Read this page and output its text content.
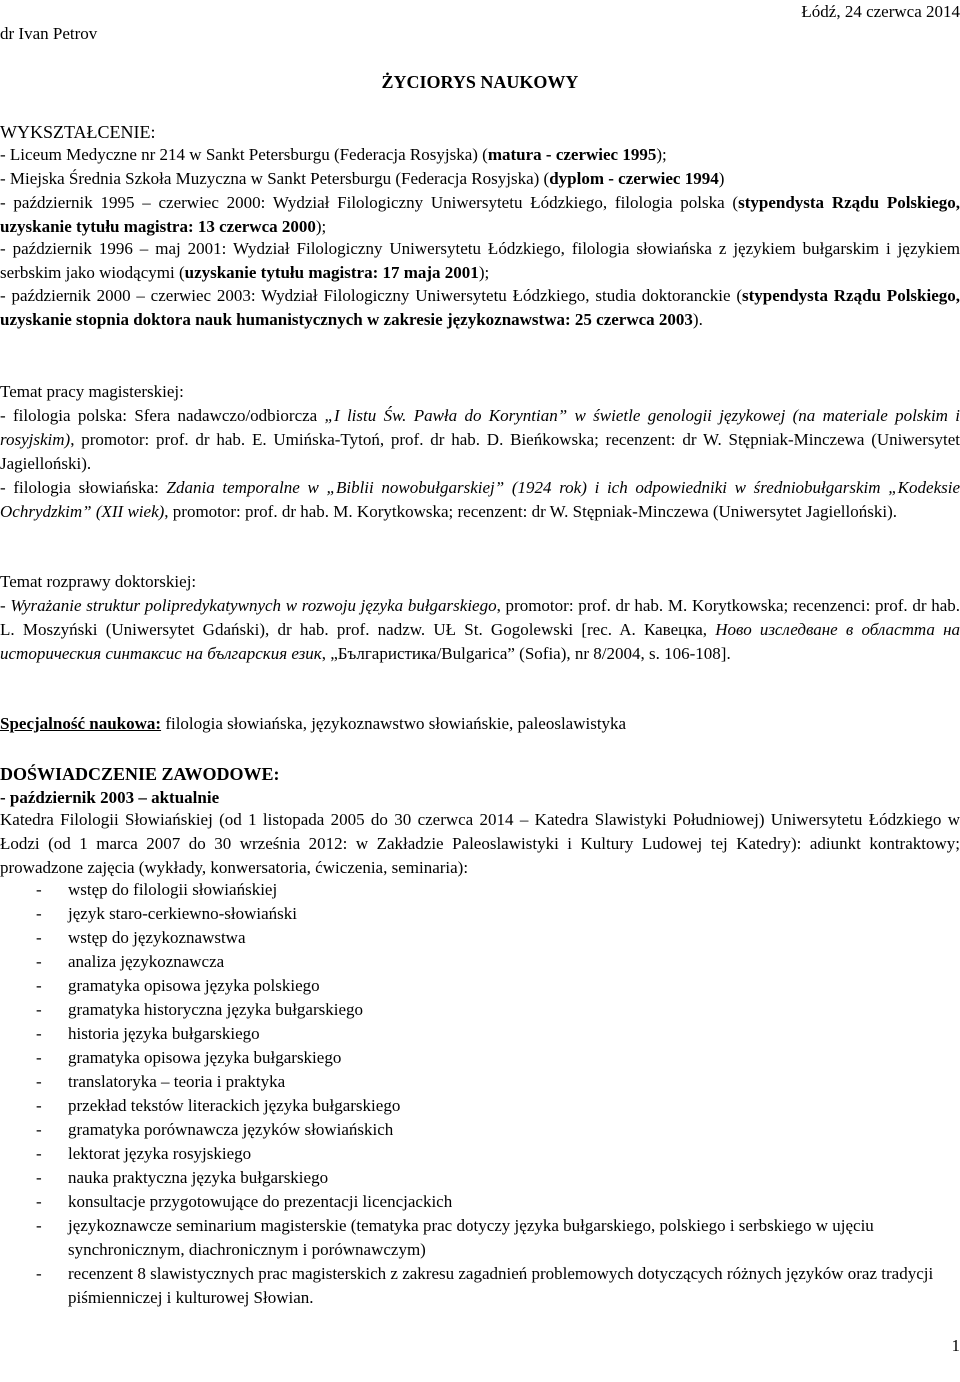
dr Ivan Petrov
Łódź, 24 czerwca 2014
ŻYCIORYS NAUKOWY
WYKSZTAŁCENIE:
- Liceum Medyczne nr 214 w Sankt Petersburgu (Federacja Rosyjska) (matura - czerwiec 1995);
- Miejska Średnia Szkoła Muzyczna w Sankt Petersburgu (Federacja Rosyjska) (dyplom - czerwiec 1994)
- październik 1995 – czerwiec 2000: Wydział Filologiczny Uniwersytetu Łódzkiego, filologia polska (stypendysta Rządu Polskiego, uzyskanie tytułu magistra: 13 czerwca 2000);
- październik 1996 – maj 2001: Wydział Filologiczny Uniwersytetu Łódzkiego, filologia słowiańska z językiem bułgarskim i językiem serbskim jako wiodącymi (uzyskanie tytułu magistra: 17 maja 2001);
- październik 2000 – czerwiec 2003: Wydział Filologiczny Uniwersytetu Łódzkiego, studia doktoranckie (stypendysta Rządu Polskiego, uzyskanie stopnia doktora nauk humanistycznych w zakresie językoznawstwa: 25 czerwca 2003).
Temat pracy magisterskiej:
- filologia polska: Sfera nadawczo/odbiorcza „I listu Św. Pawła do Koryntian” w świetle genologii językowej (na materiale polskim i rosyjskim), promotor: prof. dr hab. E. Umińska-Tytoń, prof. dr hab. D. Bieńkowska; recenzent: dr W. Stępniak-Minczewa (Uniwersytet Jagielloński).
- filologia słowiańska: Zdania temporalne w „Biblii nowobułgarskiej” (1924 rok) i ich odpowiedniki w średniobułgarskim „Kodeksie Ochrydzkim” (XII wiek), promotor: prof. dr hab. M. Korytkowska; recenzent: dr W. Stępniak-Minczewa (Uniwersytet Jagielloński).
Temat rozprawy doktorskiej:
- Wyrażanie struktur polipredykatywnych w rozwoju języka bułgarskiego, promotor: prof. dr hab. M. Korytkowska; recenzenci: prof. dr hab. L. Moszyński (Uniwersytet Gdański), dr hab. prof. nadzw. UŁ St. Gogolewski [rec. A. Кавецка, Ново изследване в областта на историческия синтаксис на българския език, „Българистика/Bulgarica” (Sofia), nr 8/2004, s. 106-108].
Specjalność naukowa: filologia słowiańska, językoznawstwo słowiańskie, paleoslawistyka
DOŚWIADCZENIE ZAWODOWE:
- październik 2003 – aktualnie
Katedra Filologii Słowiańskiej (od 1 listopada 2005 do 30 czerwca 2014 – Katedra Slawistyki Południowej) Uniwersytetu Łódzkiego w Łodzi (od 1 marca 2007 do 30 września 2012: w Zakładzie Paleoslawistyki i Kultury Ludowej tej Katedry): adiunkt kontraktowy; prowadzone zajęcia (wykłady, konwersatoria, ćwiczenia, seminaria):
- wstęp do filologii słowiańskiej
- język staro-cerkiewno-słowiański
- wstęp do językoznawstwa
- analiza językoznawcza
- gramatyka opisowa języka polskiego
- gramatyka historyczna języka bułgarskiego
- historia języka bułgarskiego
- gramatyka opisowa języka bułgarskiego
- translatoryka – teoria i praktyka
- przekład tekstów literackich języka bułgarskiego
- gramatyka porównawcza języków słowiańskich
- lektorat języka rosyjskiego
- nauka praktyczna języka bułgarskiego
- konsultacje przygotowujące do prezentacji licencjackich
- językoznawcze seminarium magisterskie (tematyka prac dotyczy języka bułgarskiego, polskiego i serbskiego w ujęciu synchronicznym, diachronicznym i porównawczym)
- recenzent 8 slawistycznych prac magisterskich z zakresu zagadnień problemowych dotyczących różnych języków oraz tradycji piśmienniczej i kulturowej Słowian.
1
